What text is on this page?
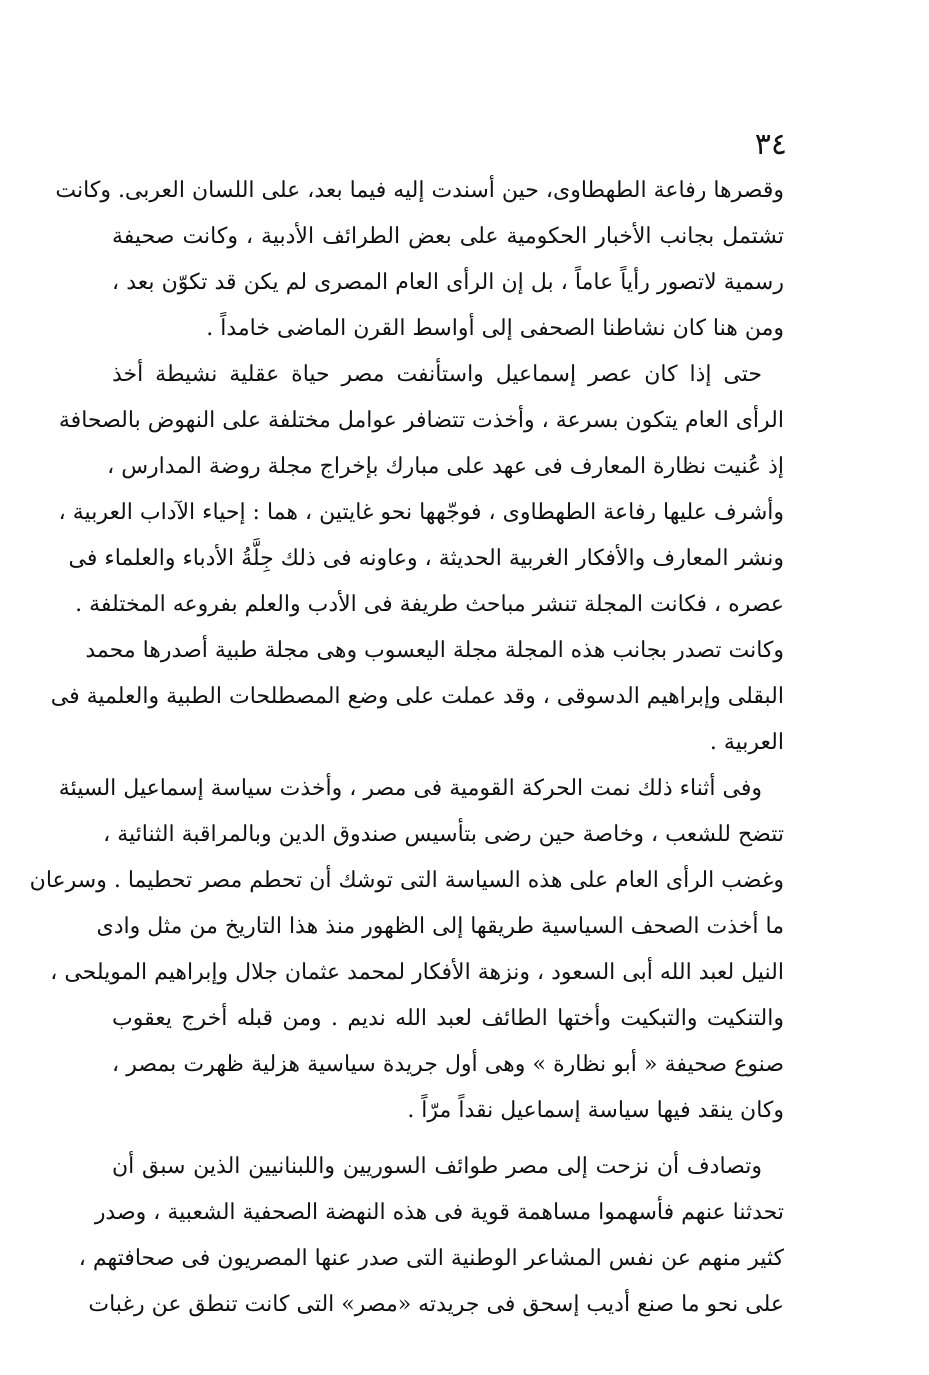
٣٤
وقصرها رفاعة الطهطاوى، حين أسندت إليه فيما بعد، على اللسان العربى. وكانت
تشتمل بجانب الأخبار الحكومية على بعض الطرائف الأدبية ، وكانت صحيفة
رسمية لاتصور رأياً عاماً ، بل إن الرأى العام المصرى لم يكن قد تكوّن بعد ،
ومن هنا كان نشاطنا الصحفى إلى أواسط القرن الماضى خامداً .
حتى إذا كان عصر إسماعيل واستأنفت مصر حياة عقلية نشيطة أخذ
الرأى العام يتكون بسرعة ، وأخذت تتضافر عوامل مختلفة على النهوض بالصحافة
إذ عُنيت نظارة المعارف فى عهد على مبارك بإخراج مجلة روضة المدارس ،
وأشرف عليها رفاعة الطهطاوى ، فوجّهها نحو غايتين ، هما : إحياء الآداب العربية ،
ونشر المعارف والأفكار الغربية الحديثة ، وعاونه فى ذلك جِلَّةُ الأدباء والعلماء فى
عصره ، فكانت المجلة تنشر مباحث طريفة فى الأدب والعلم بفروعه المختلفة .
وكانت تصدر بجانب هذه المجلة مجلة اليعسوب وهى مجلة طبية أصدرها محمد
البقلى وإبراهيم الدسوقى ، وقد عملت على وضع المصطلحات الطبية والعلمية فى
العربية .
وفى أثناء ذلك نمت الحركة القومية فى مصر ، وأخذت سياسة إسماعيل السيئة
تتضح للشعب ، وخاصة حين رضى بتأسيس صندوق الدين وبالمراقبة الثنائية ،
وغضب الرأى العام على هذه السياسة التى توشك أن تحطم مصر تحطيما . وسرعان
ما أخذت الصحف السياسية طريقها إلى الظهور منذ هذا التاريخ من مثل وادى
النيل لعبد الله أبى السعود ، ونزهة الأفكار لمحمد عثمان جلال وإبراهيم المويلحى ،
والتنكيت والتبكيت وأختها الطائف لعبد الله نديم . ومن قبله أخرج يعقوب
صنوع صحيفة « أبو نظارة » وهى أول جريدة سياسية هزلية ظهرت بمصر ،
وكان ينقد فيها سياسة إسماعيل نقداً مرّاً .
وتصادف أن نزحت إلى مصر طوائف السوريين واللبنانيين الذين سبق أن
تحدثنا عنهم فأسهموا مساهمة قوية فى هذه النهضة الصحفية الشعبية ، وصدر
كثير منهم عن نفس المشاعر الوطنية التى صدر عنها المصريون فى صحافتهم ،
على نحو ما صنع أديب إسحق فى جريدته «مصر» التى كانت تنطق عن رغبات
